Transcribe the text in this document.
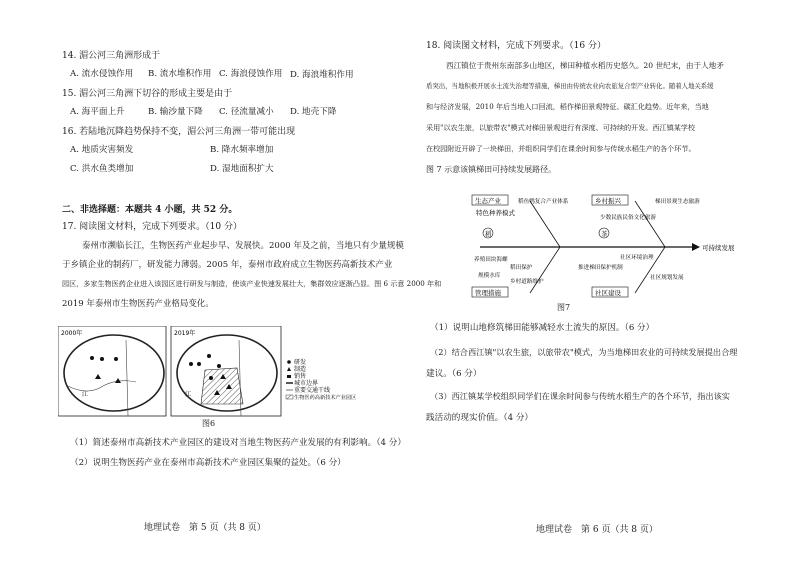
14. 湄公河三角洲形成于
A. 流水侵蚀作用 B. 流水堆积作用 C. 海浪侵蚀作用 D. 海浪堆积作用
15. 湄公河三角洲下切谷的形成主要是由于
A. 海平面上升	B. 输沙量下降 C. 径流量减小 D. 地壳下降
16. 若陆地沉降趋势保持不变，湄公河三角洲一带可能出现
A. 地质灾害频发	B. 降水频率增加
C. 洪水鱼类增加	D. 湿地面积扩大
二、非选择题：本题共 4 小题，共 52 分。
17. 阅读图文材料，完成下列要求。（10 分）
泰州市濒临长江，生物医药产业起步早、发展快。2000 年及之前，当地只有少量规模
于乡镇企业的制药厂，研发能力薄弱。2005 年，泰州市政府成立生物医药高新技术产业
园区，多家生物医药企业进入该园区进行研发与制造，使该产业快速发展壮大，集群效应逐渐凸显。图 6 示意 2000 年和
2019 年泰州市生物医药产业格局变化。
2000年
江
2019年
江
研发
制造
销售
城市边界
重要交通干线
生物医药高新技术产业园区
图6
（1）简述泰州市高新技术产业园区的建设对当地生物医药产业发展的有利影响。（4 分）
（2）说明生物医药产业在泰州市高新技术产业园区集聚的益处。（6 分）
地理试卷　第 5 页（共 8 页）
18. 阅读图文材料，完成下列要求。（16 分）
西江镇位于贵州东南部多山地区，梯田种植水稻历史悠久。20 世纪末，由于人地矛
盾突出，当地积极开展水土流失治理等措施，梯田由传统农业向农旅复合型产业转化。随着人地关系缓
和与经济发展，2010 年后当地人口回流，稻作梯田景观特征、碳汇化趋势。近年来，当地
采用"以农生旅，以旅带农"模式对梯田景观进行有深度、可持续的开发。西江镇某学校
在校园附近开辟了一块梯田，并组织同学们在课余时间参与传统水稻生产的各个环节。
图 7 示意该镇梯田可持续发展路径。
可持续发展
生态产业
特色种养模式
稻鱼鸭复合产业体系
稻
乡村振兴	梯田景观生态旅游
少数民族民俗文化旅游
茶
养殖田块海螺
稻田保护
规模水库
乡村道路维护
管理措施
社区环境治理
推进梯田保护机制
社区规划发展
社区建设
图7
（1）说明山地修筑梯田能够减轻水土流失的原因。（6 分）
（2）结合西江镇"以农生旅，以旅带农"模式，为当地梯田农业的可持续发展提出合理
建议。（6 分）
（3）西江镇某学校组织同学们在课余时间参与传统水稻生产的各个环节，指出该实
践活动的现实价值。（4 分）
地理试卷　第 6 页（共 8 页）
